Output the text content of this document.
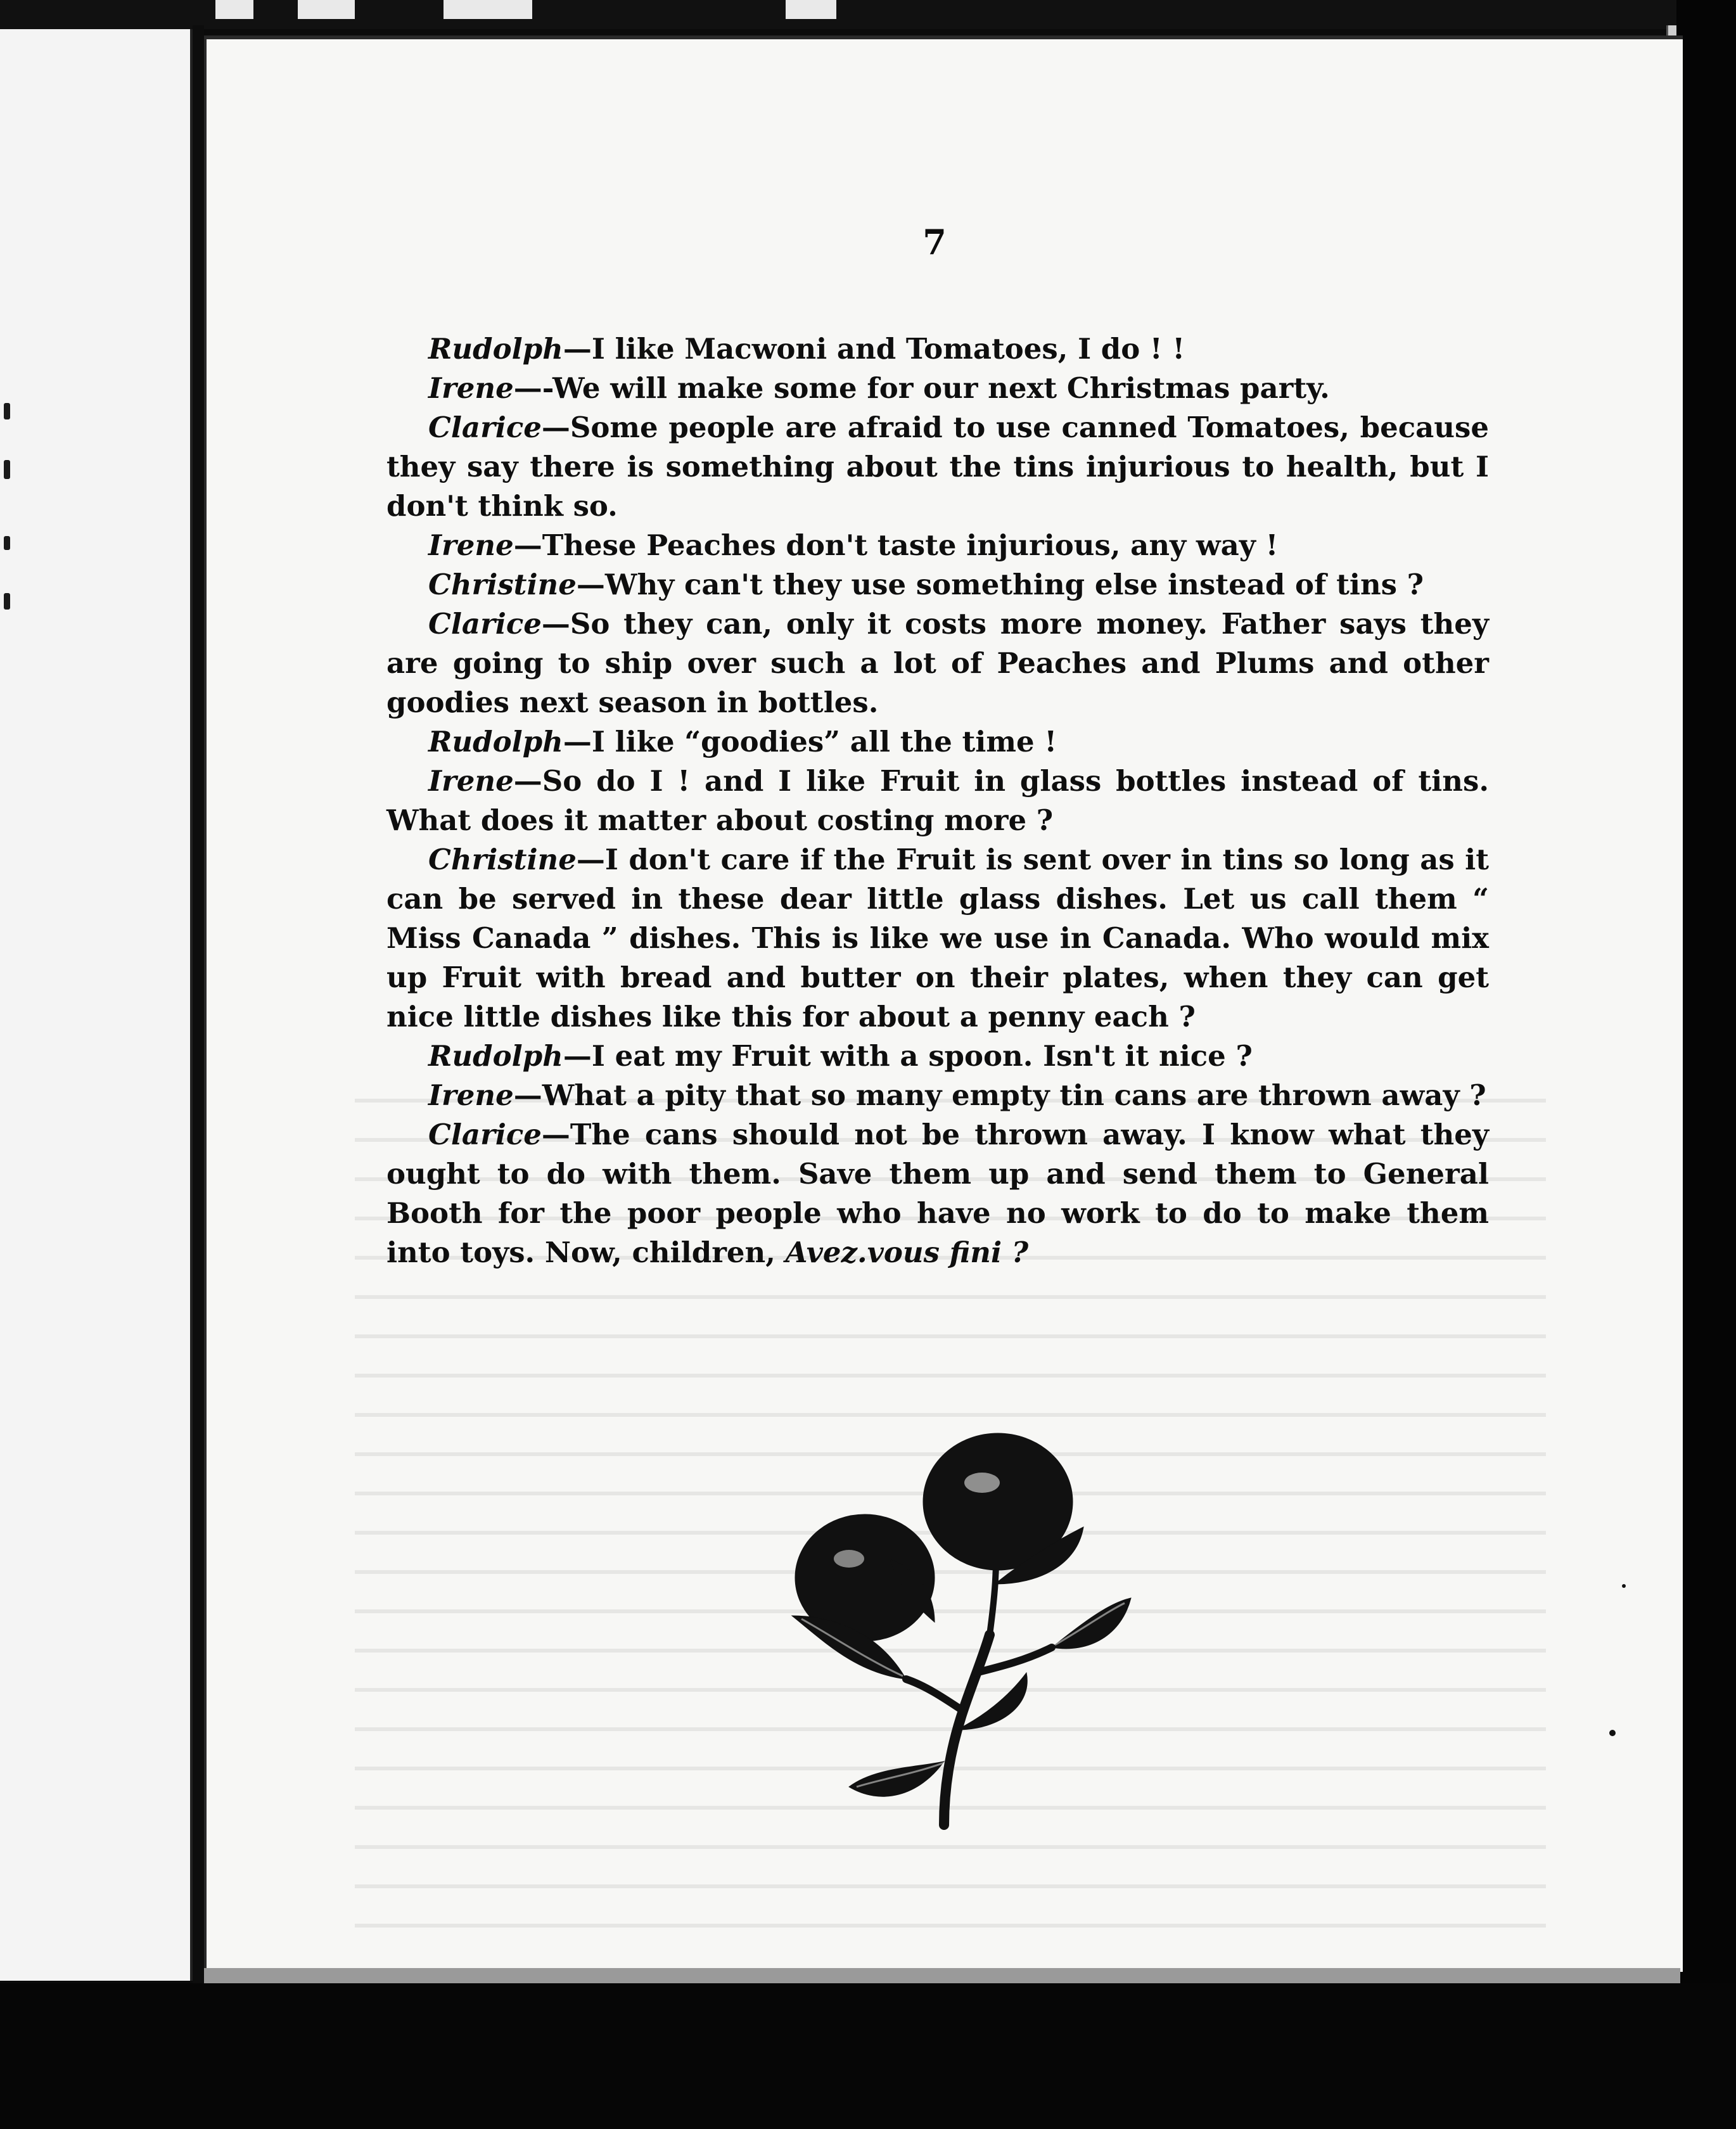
7

Rudolph—I like Macwoni and Tomatoes, I do ! !

Irene—-We will make some for our next Christmas party.

Clarice—Some people are afraid to use canned Tomatoes, because they say there is something about the tins injurious to health, but I don't think so.

Irene—These Peaches don't taste injurious, any way !

Christine—Why can't they use something else instead of tins ?

Clarice—So they can, only it costs more money. Father says they are going to ship over such a lot of Peaches and Plums and other goodies next season in bottles.

Rudolph—I like “goodies” all the time !

Irene—So do I ! and I like Fruit in glass bottles instead of tins. What does it matter about costing more ?

Christine—I don't care if the Fruit is sent over in tins so long as it can be served in these dear little glass dishes. Let us call them “ Miss Canada ” dishes. This is like we use in Canada. Who would mix up Fruit with bread and butter on their plates, when they can get nice little dishes like this for about a penny each ?

Rudolph—I eat my Fruit with a spoon. Isn't it nice ?

Irene—What a pity that so many empty tin cans are thrown away ?

Clarice—The cans should not be thrown away. I know what they ought to do with them. Save them up and send them to General Booth for the poor people who have no work to do to make them into toys. Now, children, Avez.vous fini ?
